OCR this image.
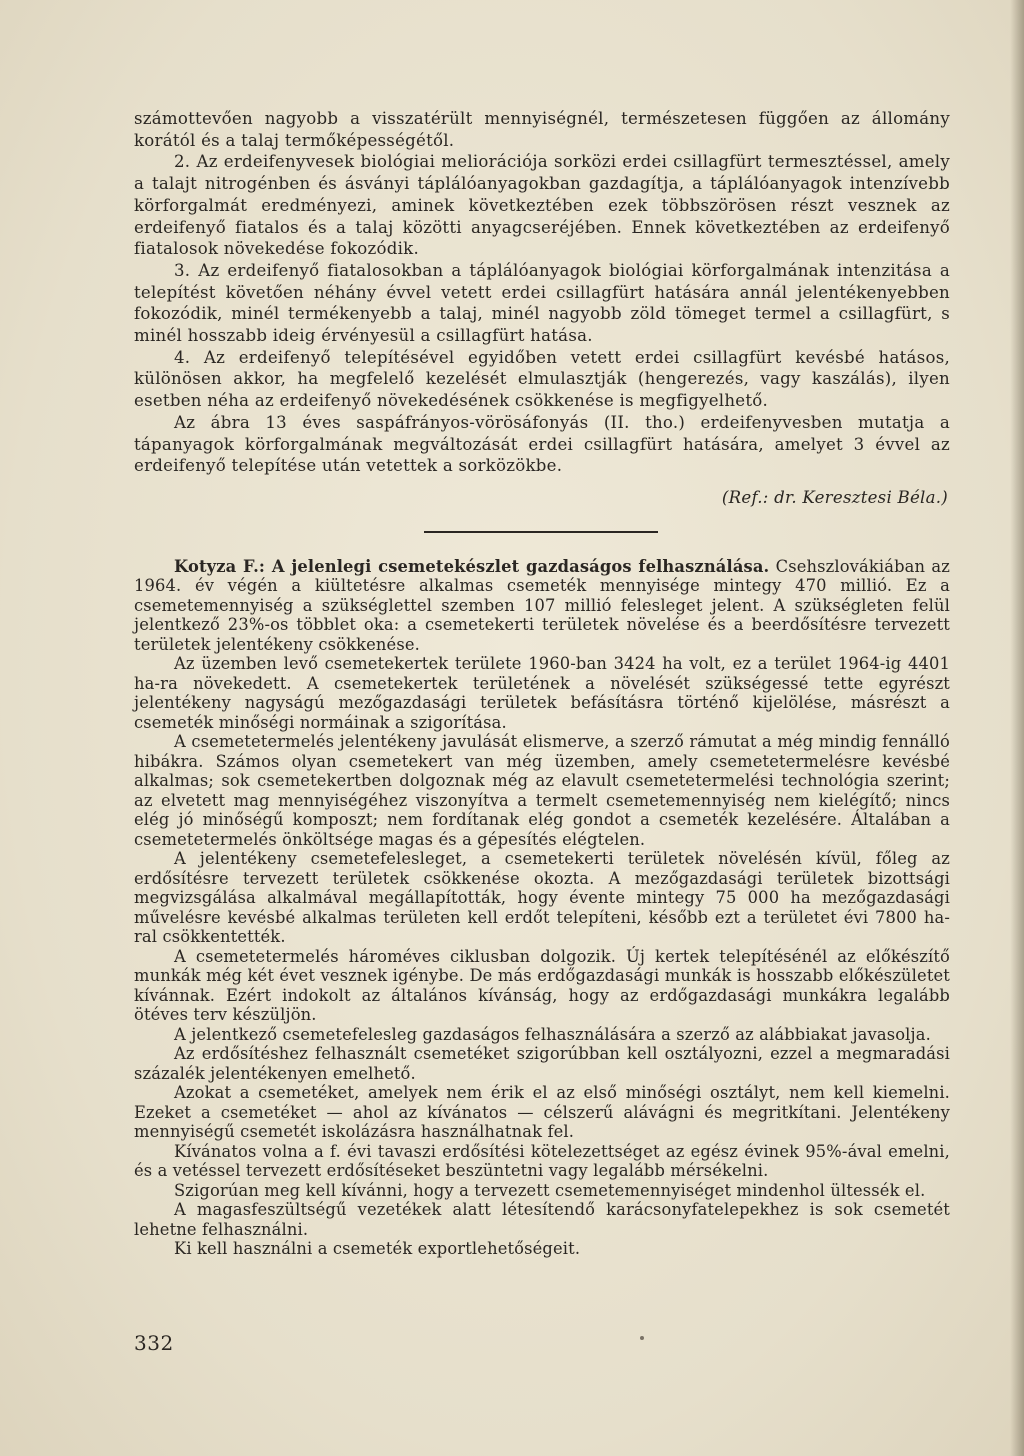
számottevően nagyobb a visszatérült mennyiségnél, természetesen függően az állomány korától és a talaj termőképességétől.

2. Az erdeifenyvesek biológiai meliorációja sorközi erdei csillagfürt termesztéssel, amely a talajt nitrogénben és ásványi táplálóanyagokban gazdagítja, a táplálóanyagok intenzívebb körforgalmát eredményezi, aminek következtében ezek többszörösen részt vesznek az erdeifenyő fiatalos és a talaj közötti anyagcseréjében. Ennek következtében az erdeifenyő fiatalosok növekedése fokozódik.

3. Az erdeifenyő fiatalosokban a táplálóanyagok biológiai körforgalmának intenzitása a telepítést követően néhány évvel vetett erdei csillagfürt hatására annál jelentékenyebben fokozódik, minél termékenyebb a talaj, minél nagyobb zöld tömeget termel a csillagfürt, s minél hosszabb ideig érvényesül a csillagfürt hatása.

4. Az erdeifenyő telepítésével egyidőben vetett erdei csillagfürt kevésbé hatásos, különösen akkor, ha megfelelő kezelését elmulasztják (hengerezés, vagy kaszálás), ilyen esetben néha az erdeifenyő növekedésének csökkenése is megfigyelhető.

Az ábra 13 éves saspáfrányos-vörösáfonyás (II. tho.) erdeifenyvesben mutatja a tápanyagok körforgalmának megváltozását erdei csillagfürt hatására, amelyet 3 évvel az erdeifenyő telepítése után vetettek a sorközökbe.

(Ref.: dr. Keresztesi Béla.)

Kotyza F.: A jelenlegi csemetekészlet gazdaságos felhasználása. Csehszlovákiában az 1964. év végén a kiültetésre alkalmas csemeték mennyisége mintegy 470 millió. Ez a csemetemennyiség a szükséglettel szemben 107 millió felesleget jelent. A szükségleten felül jelentkező 23%-os többlet oka: a csemetekerti területek növelése és a beerdősítésre tervezett területek jelentékeny csökkenése.

Az üzemben levő csemetekertek területe 1960-ban 3424 ha volt, ez a terület 1964-ig 4401 ha-ra növekedett. A csemetekertek területének a növelését szükségessé tette egyrészt jelentékeny nagyságú mezőgazdasági területek befásításra történő kijelölése, másrészt a csemeték minőségi normáinak a szigorítása.

A csemetetermelés jelentékeny javulását elismerve, a szerző rámutat a még mindig fennálló hibákra. Számos olyan csemetekert van még üzemben, amely csemetetermelésre kevésbé alkalmas; sok csemetekertben dolgoznak még az elavult csemetetermelési technológia szerint; az elvetett mag mennyiségéhez viszonyítva a termelt csemetemennyiség nem kielégítő; nincs elég jó minőségű komposzt; nem fordítanak elég gondot a csemeték kezelésére. Általában a csemetetermelés önköltsége magas és a gépesítés elégtelen.

A jelentékeny csemetefelesleget, a csemetekerti területek növelésén kívül, főleg az erdősítésre tervezett területek csökkenése okozta. A mezőgazdasági területek bizottsági megvizsgálása alkalmával megállapították, hogy évente mintegy 75 000 ha mezőgazdasági művelésre kevésbé alkalmas területen kell erdőt telepíteni, később ezt a területet évi 7800 ha-ral csökkentették.

A csemetetermelés hároméves ciklusban dolgozik. Új kertek telepítésénél az előkészítő munkák még két évet vesznek igénybe. De más erdőgazdasági munkák is hosszabb előkészületet kívánnak. Ezért indokolt az általános kívánság, hogy az erdőgazdasági munkákra legalább ötéves terv készüljön.

A jelentkező csemetefelesleg gazdaságos felhasználására a szerző az alábbiakat javasolja.

Az erdősítéshez felhasznált csemetéket szigorúbban kell osztályozni, ezzel a megmaradási százalék jelentékenyen emelhető.

Azokat a csemetéket, amelyek nem érik el az első minőségi osztályt, nem kell kiemelni. Ezeket a csemetéket — ahol az kívánatos — célszerű alávágni és megritkítani. Jelentékeny mennyiségű csemetét iskolázásra használhatnak fel.

Kívánatos volna a f. évi tavaszi erdősítési kötelezettséget az egész évinek 95%-ával emelni, és a vetéssel tervezett erdősítéseket beszüntetni vagy legalább mérsékelni.

Szigorúan meg kell kívánni, hogy a tervezett csemetemennyiséget mindenhol ültessék el.

A magasfeszültségű vezetékek alatt létesítendő karácsonyfatelepekhez is sok csemetét lehetne felhasználni.

Ki kell használni a csemeték exportlehetőségeit.

332
